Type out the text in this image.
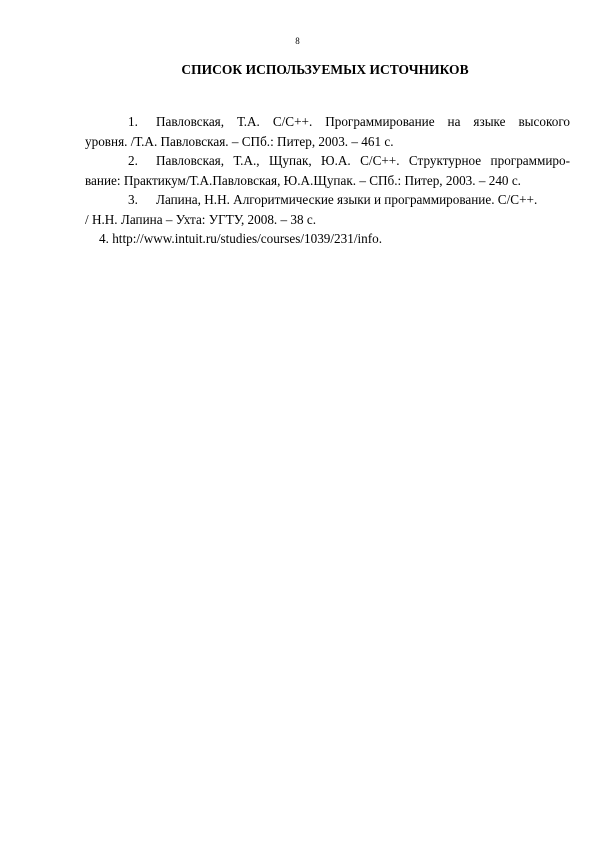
8
СПИСОК ИСПОЛЬЗУЕМЫХ ИСТОЧНИКОВ
1. Павловская, Т.А. С/С++. Программирование на языке высокого
уровня. /Т.А. Павловская. – СПб.: Питер, 2003. – 461 с.
2. Павловская, Т.А., Щупак, Ю.А. С/С++. Структурное программиро-
вание: Практикум/Т.А.Павловская, Ю.А.Щупак. – СПб.: Питер, 2003. – 240 с.
3. Лапина, Н.Н. Алгоритмические языки и программирование. С/С++.
/ Н.Н. Лапина – Ухта: УГТУ, 2008. – 38 с.
4. http://www.intuit.ru/studies/courses/1039/231/info.
